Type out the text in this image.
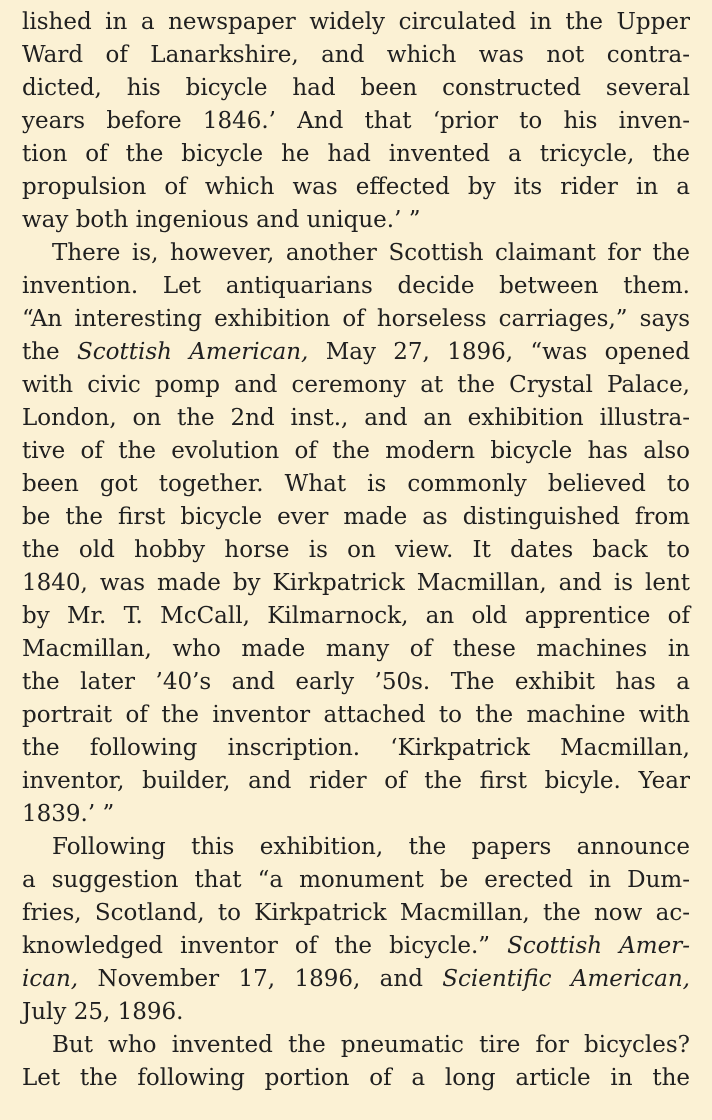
lished in a newspaper widely circulated in the Upper
Ward of Lanarkshire, and which was not contra-
dicted, his bicycle had been constructed several
years before 1846.’ And that ‘prior to his inven-
tion of the bicycle he had invented a tricycle, the
propulsion of which was effected by its rider in a
way both ingenious and unique.’ ”
There is, however, another Scottish claimant for the
invention. Let antiquarians decide between them.
“An interesting exhibition of horseless carriages,” says
the Scottish American, May 27, 1896, “was opened
with civic pomp and ceremony at the Crystal Palace,
London, on the 2nd inst., and an exhibition illustra-
tive of the evolution of the modern bicycle has also
been got together. What is commonly believed to
be the first bicycle ever made as distinguished from
the old hobby horse is on view. It dates back to
1840, was made by Kirkpatrick Macmillan, and is lent
by Mr. T. McCall, Kilmarnock, an old apprentice of
Macmillan, who made many of these machines in
the later ’40’s and early ’50s. The exhibit has a
portrait of the inventor attached to the machine with
the following inscription. ‘Kirkpatrick Macmillan,
inventor, builder, and rider of the first bicyle. Year
1839.’ ”
Following this exhibition, the papers announce
a suggestion that “a monument be erected in Dum-
fries, Scotland, to Kirkpatrick Macmillan, the now ac-
knowledged inventor of the bicycle.” Scottish Amer-
ican, November 17, 1896, and Scientific American,
July 25, 1896.
But who invented the pneumatic tire for bicycles?
Let the following portion of a long article in the
